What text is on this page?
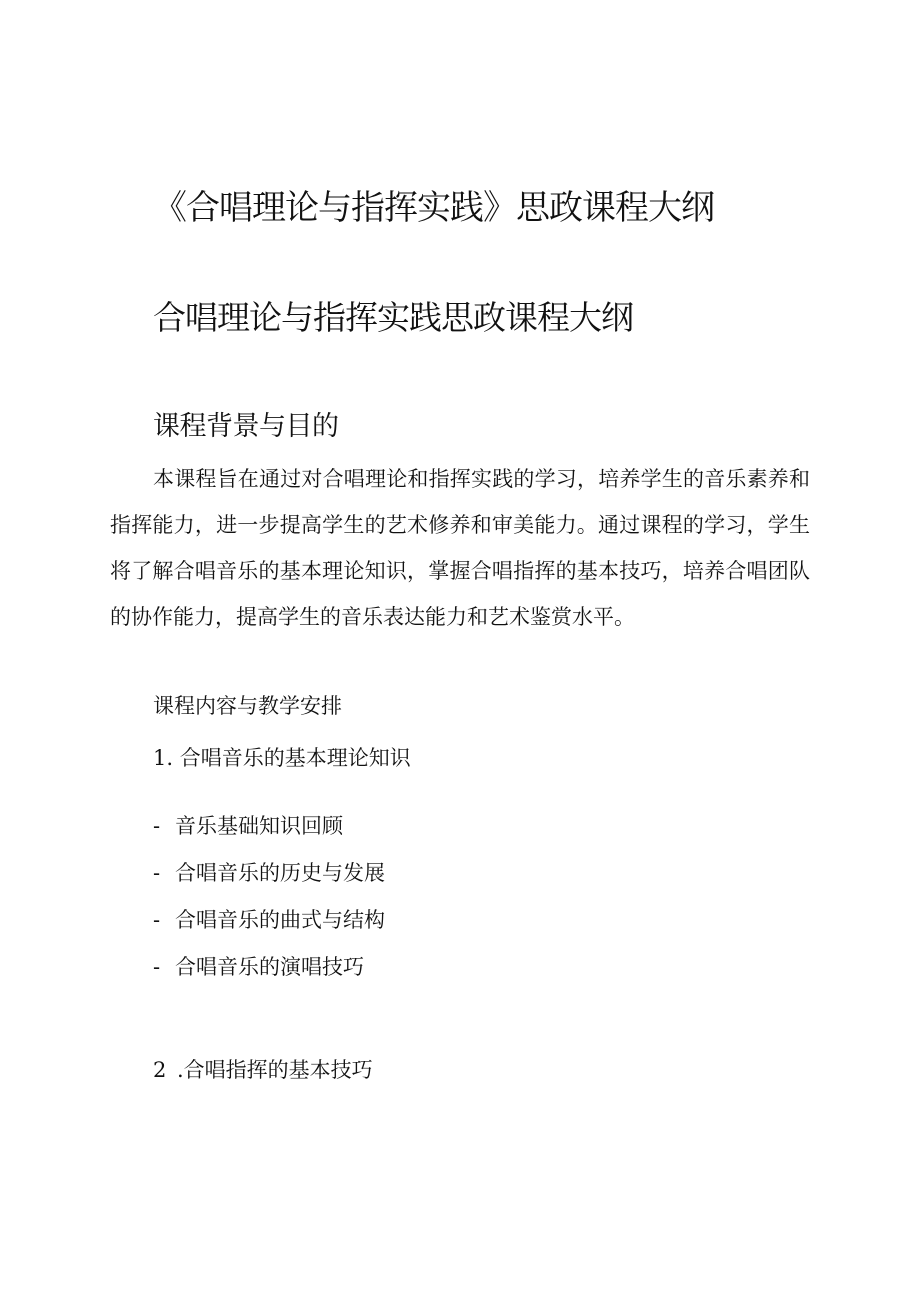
《合唱理论与指挥实践》思政课程大纲
合唱理论与指挥实践思政课程大纲
课程背景与目的

本课程旨在通过对合唱理论和指挥实践的学习，培养学生的音乐素养和指挥能力，进一步提高学生的艺术修养和审美能力。通过课程的学习，学生将了解合唱音乐的基本理论知识，掌握合唱指挥的基本技巧，培养合唱团队的协作能力，提高学生的音乐表达能力和艺术鉴赏水平。

课程内容与教学安排
1. 合唱音乐的基本理论知识
- 音乐基础知识回顾
- 合唱音乐的历史与发展
- 合唱音乐的曲式与结构
- 合唱音乐的演唱技巧
2 .合唱指挥的基本技巧
